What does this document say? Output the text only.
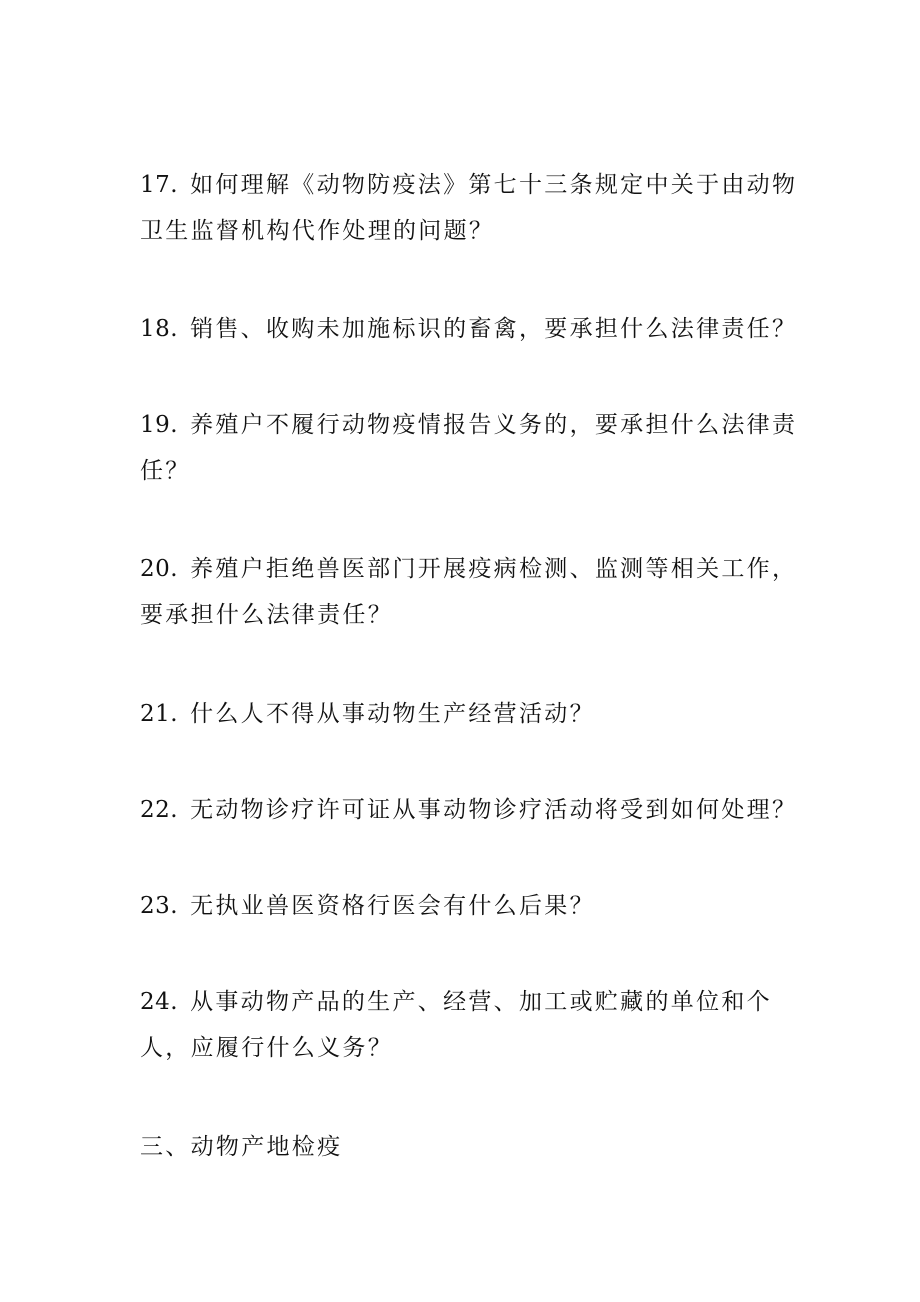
17. 如何理解《动物防疫法》第七十三条规定中关于由动物卫生监督机构代作处理的问题？

18. 销售、收购未加施标识的畜禽，要承担什么法律责任？

19. 养殖户不履行动物疫情报告义务的，要承担什么法律责任？

20. 养殖户拒绝兽医部门开展疫病检测、监测等相关工作，要承担什么法律责任？

21. 什么人不得从事动物生产经营活动？

22. 无动物诊疗许可证从事动物诊疗活动将受到如何处理？

23. 无执业兽医资格行医会有什么后果？

24. 从事动物产品的生产、经营、加工或贮藏的单位和个人，应履行什么义务？

三、动物产地检疫
